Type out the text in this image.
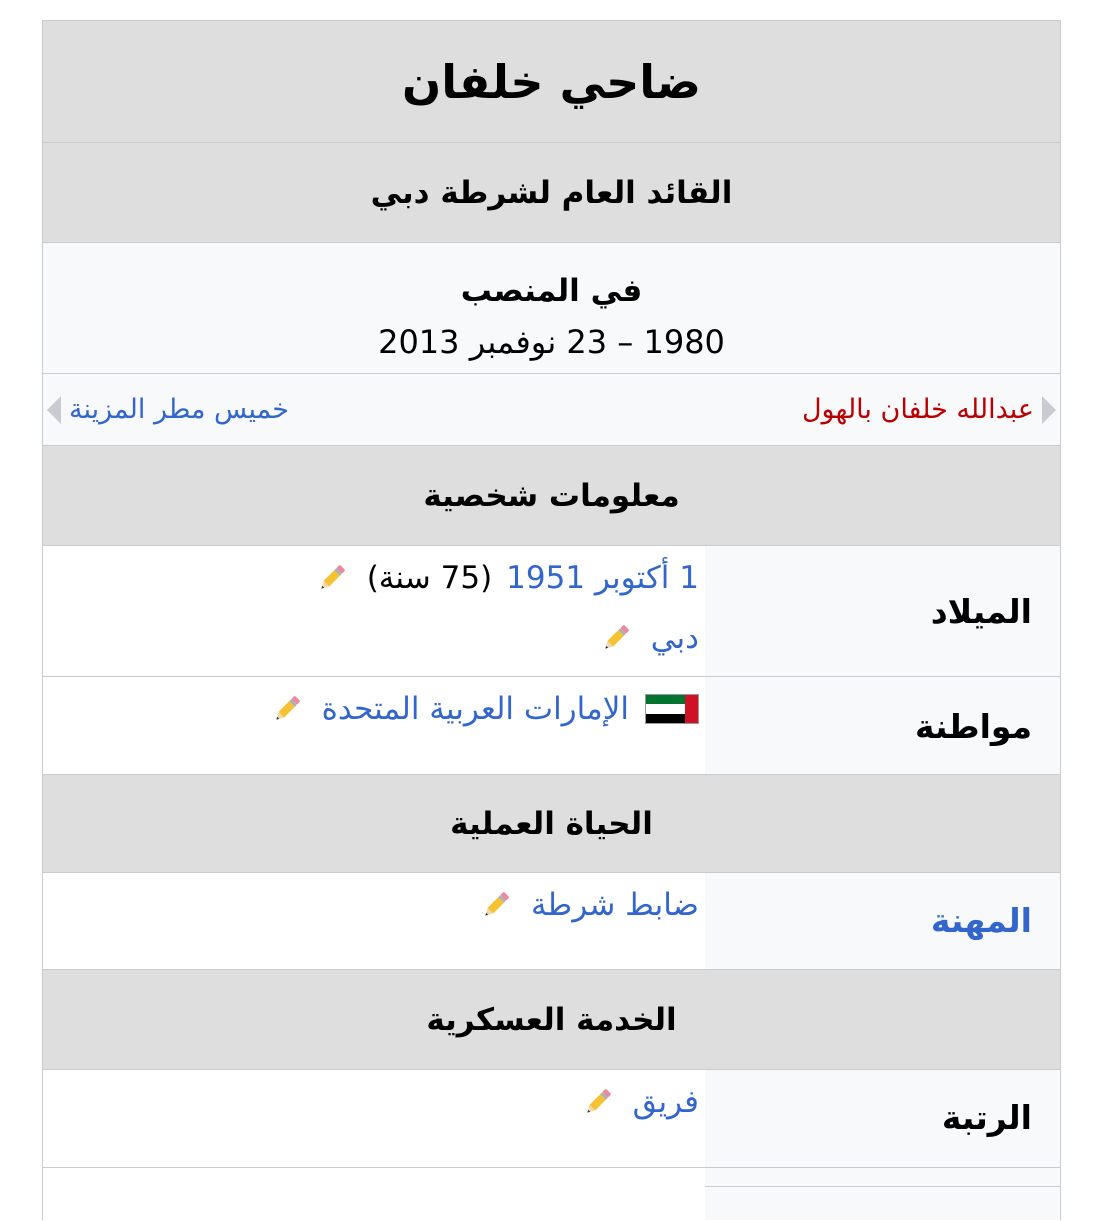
ضاحي خلفان
القائد العام لشرطة دبي
في المنصب
1980 – 23 نوفمبر 2013
عبدالله خلفان بالهول
خميس مطر المزينة
معلومات شخصية
الميلاد
1 أكتوبر 1951
(75 سنة)
دبي
مواطنة
الإمارات العربية المتحدة
الحياة العملية
المهنة
ضابط شرطة
الخدمة العسكرية
الرتبة
فريق
